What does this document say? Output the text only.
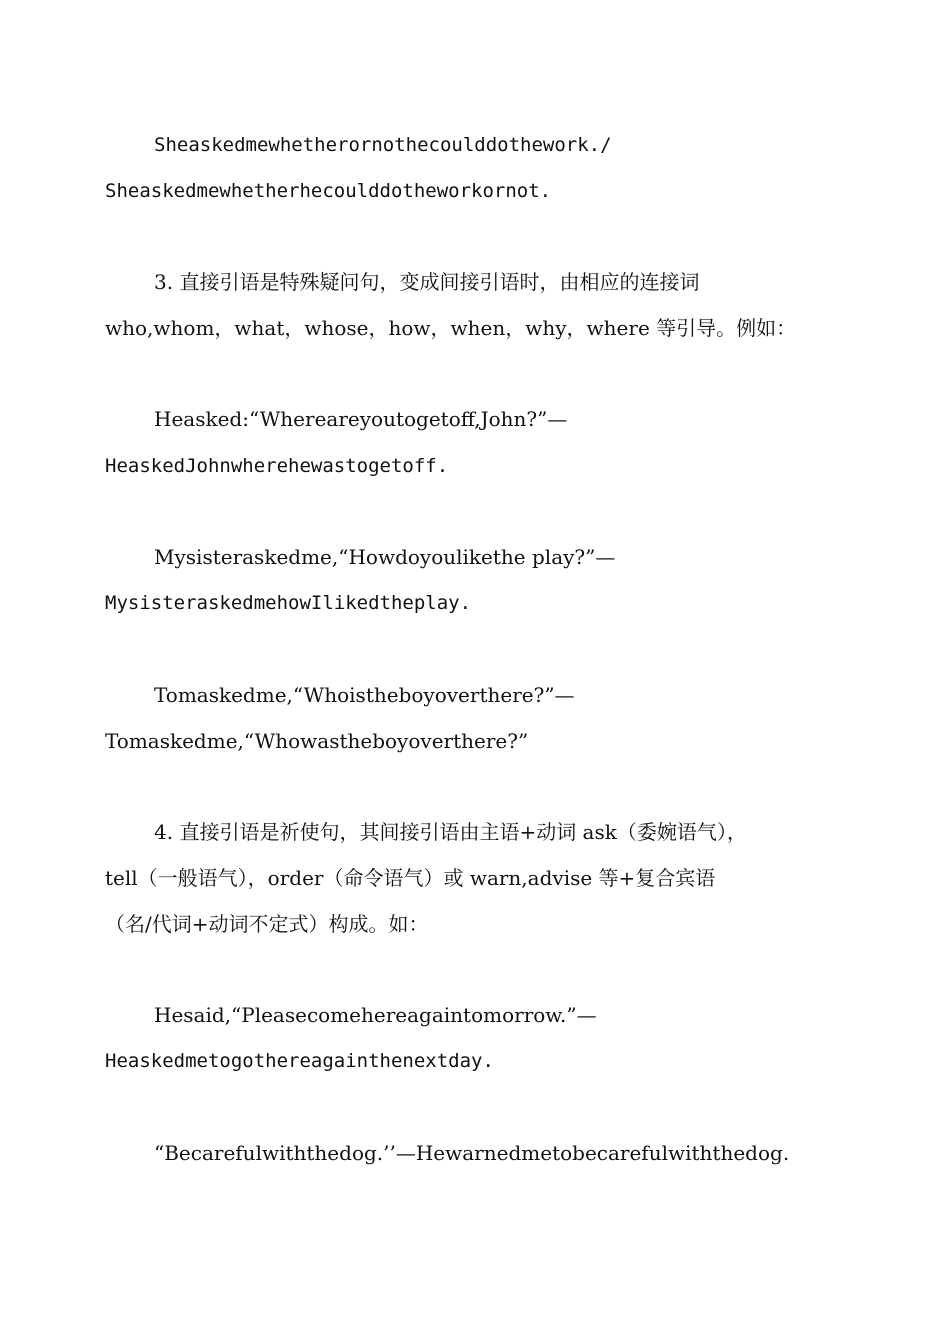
Sheaskedmewhetherornothecoulddothework./
Sheaskedmewhetherhecoulddotheworkornot.
3. 直接引语是特殊疑问句，变成间接引语时，由相应的连接词
who,whom，what，whose，how，when，why，where 等引导。例如：
Heasked:“Whereareyoutogetoff,John?”—
HeaskedJohnwherehewastogetoff.
Mysisteraskedme,“Howdoyoulikethe play?”—
MysisteraskedmehowIlikedtheplay.
Tomaskedme,“Whoistheboyoverthere?”—
Tomaskedme,“Whowastheboyoverthere?”
4. 直接引语是祈使句，其间接引语由主语+动词 ask（委婉语气），
tell（一般语气），order（命令语气）或 warn,advise 等+复合宾语
（名/代词+动词不定式）构成。如：
Hesaid,“Pleasecomehereagaintomorrow.”—
Heaskedmetogothereagainthenextday.
“Becarefulwiththedog.’’—Hewarnedmetobecarefulwiththedog.
